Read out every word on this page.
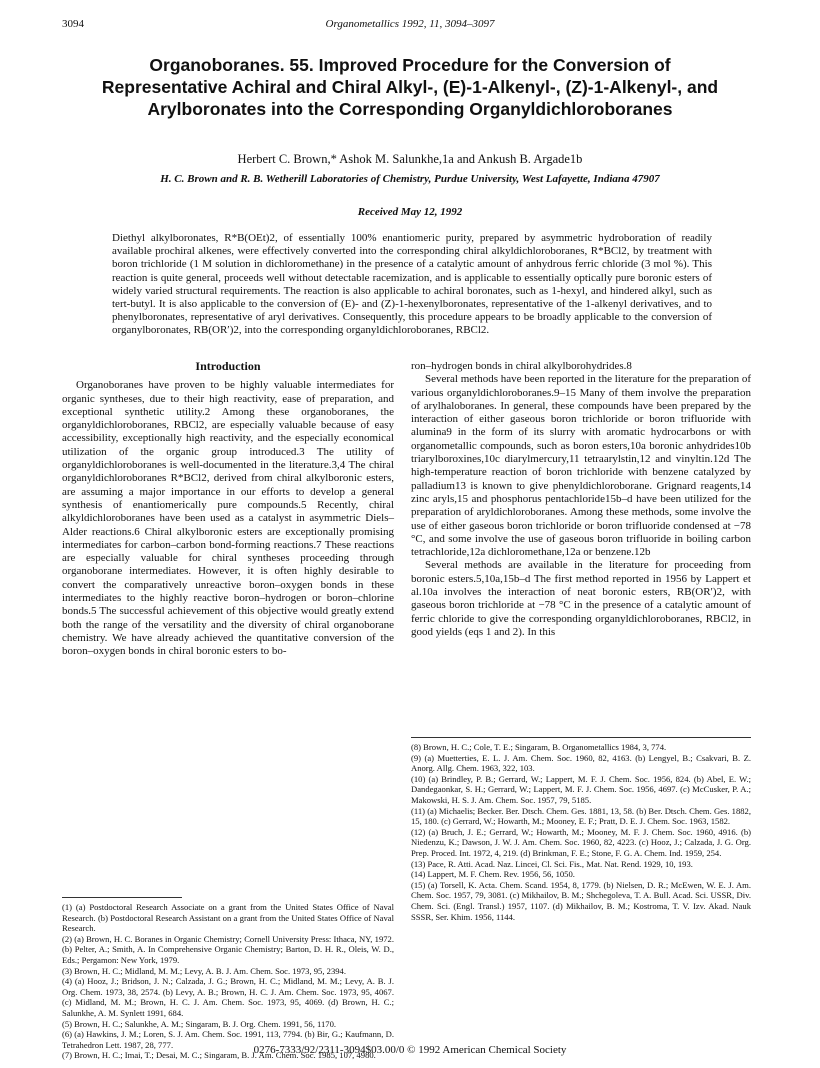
3094	Organometallics 1992, 11, 3094–3097
Organoboranes. 55. Improved Procedure for the Conversion of Representative Achiral and Chiral Alkyl-, (E)-1-Alkenyl-, (Z)-1-Alkenyl-, and Arylboronates into the Corresponding Organyldichloroboranes
Herbert C. Brown,* Ashok M. Salunkhe,1a and Ankush B. Argade1b
H. C. Brown and R. B. Wetherill Laboratories of Chemistry, Purdue University, West Lafayette, Indiana 47907
Received May 12, 1992
Diethyl alkylboronates, R*B(OEt)2, of essentially 100% enantiomeric purity, prepared by asymmetric hydroboration of readily available prochiral alkenes, were effectively converted into the corresponding chiral alkyldichloroboranes, R*BCl2, by treatment with boron trichloride (1 M solution in dichloromethane) in the presence of a catalytic amount of anhydrous ferric chloride (3 mol %). This reaction is quite general, proceeds well without detectable racemization, and is applicable to essentially optically pure boronic esters of widely varied structural requirements. The reaction is also applicable to achiral boronates, such as 1-hexyl, and hindered alkyl, such as tert-butyl. It is also applicable to the conversion of (E)- and (Z)-1-hexenylboronates, representative of the 1-alkenyl derivatives, and to phenylboronates, representative of aryl derivatives. Consequently, this procedure appears to be broadly applicable to the conversion of organylboronates, RB(OR′)2, into the corresponding organyldichloroboranes, RBCl2.
Introduction

Organoboranes have proven to be highly valuable intermediates for organic syntheses, due to their high reactivity, ease of preparation, and exceptional synthetic utility.2 Among these organoboranes, the organyldichloroboranes, RBCl2, are especially valuable because of easy accessibility, exceptionally high reactivity, and the especially economical utilization of the organic group introduced.3 The utility of organyldichloroboranes is well-documented in the literature.3,4 The chiral organyldichloroboranes R*BCl2, derived from chiral alkylboronic esters, are assuming a major importance in our efforts to develop a general synthesis of enantiomerically pure compounds.5 Recently, chiral alkyldichloroboranes have been used as a catalyst in asymmetric Diels–Alder reactions.6 Chiral alkylboronic esters are exceptionally promising intermediates for carbon–carbon bond-forming reactions.7 These reactions are especially valuable for chiral syntheses proceeding through organoborane intermediates. However, it is often highly desirable to convert the comparatively unreactive boron–oxygen bonds in these intermediates to the highly reactive boron–hydrogen or boron–chlorine bonds.5 The successful achievement of this objective would greatly extend both the range of the versatility and the diversity of chiral organoborane chemistry. We have already achieved the quantitative conversion of the boron–oxygen bonds in chiral boronic esters to bo-

ron–hydrogen bonds in chiral alkylborohydrides.8

Several methods have been reported in the literature for the preparation of various organyldichloroboranes.9–15 Many of them involve the preparation of arylhaloboranes. In general, these compounds have been prepared by the interaction of either gaseous boron trichloride or boron trifluoride with alumina9 in the form of its slurry with aromatic hydrocarbons or with organometallic compounds, such as boron esters,10a boronic anhydrides10b triarylboroxines,10c diarylmercury,11 tetraarylstin,12 and vinyltin.12d The high-temperature reaction of boron trichloride with benzene catalyzed by palladium13 is known to give phenyldichloroborane. Grignard reagents,14 zinc aryls,15 and phosphorus pentachloride15b–d have been utilized for the preparation of aryldichloroboranes. Among these methods, some involve the use of either gaseous boron trichloride or boron trifluoride condensed at −78 °C, and some involve the use of gaseous boron trifluoride in boiling carbon tetrachloride,12a dichloromethane,12a or benzene.12b

Several methods are available in the literature for proceeding from boronic esters.5,10a,15b–d The first method reported in 1956 by Lappert et al.10a involves the interaction of neat boronic esters, RB(OR′)2, with gaseous boron trichloride at −78 °C in the presence of a catalytic amount of ferric chloride to give the corresponding organyldichloroboranes, RBCl2, in good yields (eqs 1 and 2). In this

(1) (a) Postdoctoral Research Associate on a grant from the United States Office of Naval Research. (b) Postdoctoral Research Assistant on a grant from the United States Office of Naval Research.
(2) (a) Brown, H. C. Boranes in Organic Chemistry; Cornell University Press: Ithaca, NY, 1972. (b) Pelter, A.; Smith, A. In Comprehensive Organic Chemistry; Barton, D. H. R., Oleis, W. D., Eds.; Pergamon: New York, 1979.
(3) Brown, H. C.; Midland, M. M.; Levy, A. B. J. Am. Chem. Soc. 1973, 95, 2394.
(4) (a) Hooz, J.; Bridson, J. N.; Calzada, J. G.; Brown, H. C.; Midland, M. M.; Levy, A. B. J. Org. Chem. 1973, 38, 2574. (b) Levy, A. B.; Brown, H. C. J. Am. Chem. Soc. 1973, 95, 4067. (c) Midland, M. M.; Brown, H. C. J. Am. Chem. Soc. 1973, 95, 4069. (d) Brown, H. C.; Salunkhe, A. M. Synlett 1991, 684.
(5) Brown, H. C.; Salunkhe, A. M.; Singaram, B. J. Org. Chem. 1991, 56, 1170.
(6) (a) Hawkins, J. M.; Loren, S. J. Am. Chem. Soc. 1991, 113, 7794. (b) Bir, G.; Kaufmann, D. Tetrahedron Lett. 1987, 28, 777.
(7) Brown, H. C.; Imai, T.; Desai, M. C.; Singaram, B. J. Am. Chem. Soc. 1985, 107, 4980.
(8) Brown, H. C.; Cole, T. E.; Singaram, B. Organometallics 1984, 3, 774.
(9) (a) Muetterties, E. L. J. Am. Chem. Soc. 1960, 82, 4163. (b) Lengyel, B.; Csakvari, B. Z. Anorg. Allg. Chem. 1963, 322, 103.
(10) (a) Brindley, P. B.; Gerrard, W.; Lappert, M. F. J. Chem. Soc. 1956, 824. (b) Abel, E. W.; Dandegaonkar, S. H.; Gerrard, W.; Lappert, M. F. J. Chem. Soc. 1956, 4697. (c) McCusker, P. A.; Makowski, H. S. J. Am. Chem. Soc. 1957, 79, 5185.
(11) (a) Michaelis; Becker. Ber. Dtsch. Chem. Ges. 1881, 13, 58. (b) Ber. Dtsch. Chem. Ges. 1882, 15, 180. (c) Gerrard, W.; Howarth, M.; Mooney, E. F.; Pratt, D. E. J. Chem. Soc. 1963, 1582.
(12) (a) Bruch, J. E.; Gerrard, W.; Howarth, M.; Mooney, M. F. J. Chem. Soc. 1960, 4916. (b) Niedenzu, K.; Dawson, J. W. J. Am. Chem. Soc. 1960, 82, 4223. (c) Hooz, J.; Calzada, J. G. Org. Prep. Proced. Int. 1972, 4, 219. (d) Brinkman, F. E.; Stone, F. G. A. Chem. Ind. 1959, 254.
(13) Pace, R. Atti. Acad. Naz. Lincei, Cl. Sci. Fis., Mat. Nat. Rend. 1929, 10, 193.
(14) Lappert, M. F. Chem. Rev. 1956, 56, 1050.
(15) (a) Torsell, K. Acta. Chem. Scand. 1954, 8, 1779. (b) Nielsen, D. R.; McEwen, W. E. J. Am. Chem. Soc. 1957, 79, 3081. (c) Mikhailov, B. M.; Shchegoleva, T. A. Bull. Acad. Sci. USSR, Div. Chem. Sci. (Engl. Transl.) 1957, 1107. (d) Mikhailov, B. M.; Kostroma, T. V. Izv. Akad. Nauk SSSR, Ser. Khim. 1956, 1144.
0276-7333/92/2311-3094$03.00/0 © 1992 American Chemical Society
